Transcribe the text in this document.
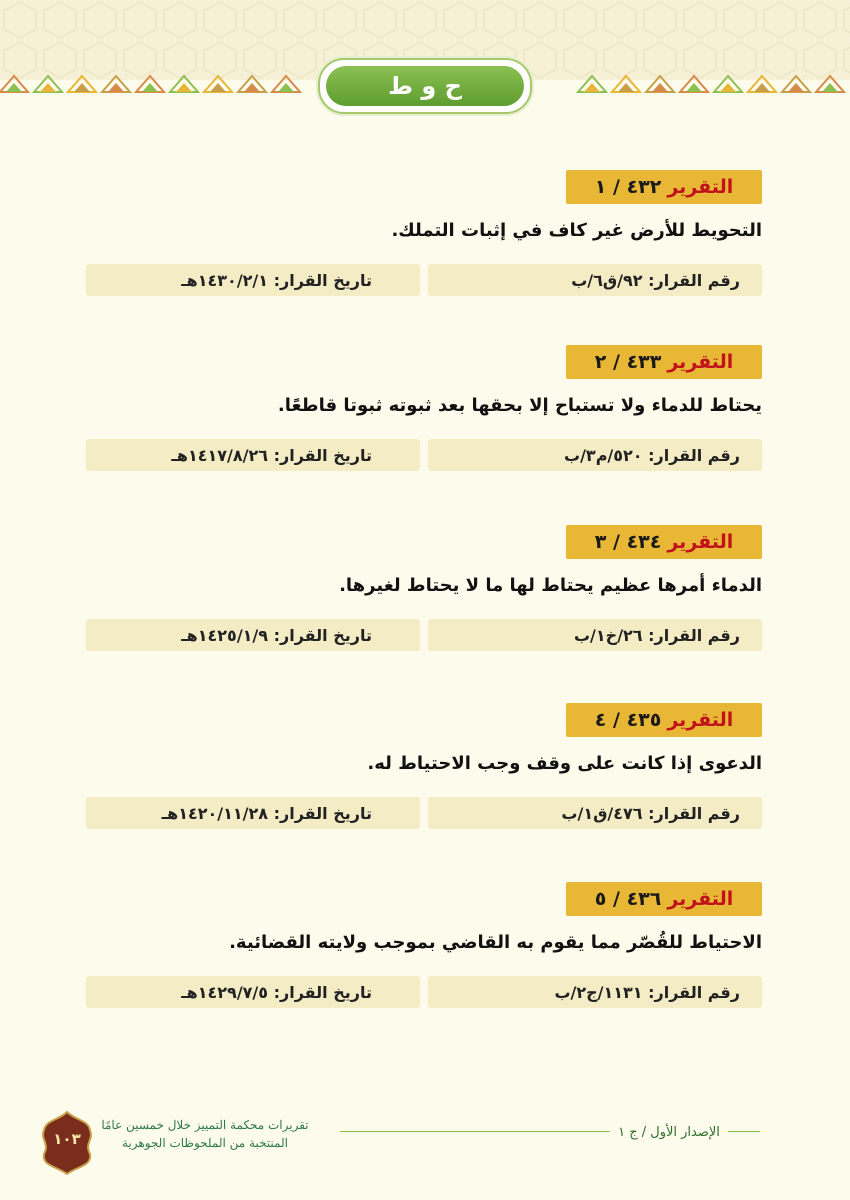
ح و ط
التقرير
٤٣٢ / ١
التحويط للأرض غير كاف في إثبات التملك.
رقم القرار: ٩٢/ق٦/ب
تاريخ القرار: ١٤٣٠/٢/١هـ
التقرير
٤٣٣ / ٢
يحتاط للدماء ولا تستباح إلا بحقها بعد ثبوته ثبوتا قاطعًا.
رقم القرار: ٥٢٠/م٣/ب
تاريخ القرار: ١٤١٧/٨/٢٦هـ
التقرير
٤٣٤ / ٣
الدماء أمرها عظيم يحتاط لها ما لا يحتاط لغيرها.
رقم القرار: ٢٦/خ١/ب
تاريخ القرار: ١٤٢٥/١/٩هـ
التقرير
٤٣٥ / ٤
الدعوى إذا كانت على وقف وجب الاحتياط له.
رقم القرار: ٤٧٦/ق١/ب
تاريخ القرار: ١٤٢٠/١١/٢٨هـ
التقرير
٤٣٦ / ٥
الاحتياط للقُصّر مما يقوم به القاضي بموجب ولايته القضائية.
رقم القرار: ١١٣١/ج٢/ب
تاريخ القرار: ١٤٢٩/٧/٥هـ
الإصدار الأول / ج ١
١٠٣
تقريرات محكمة التمييز خلال خمسين عامًا
المنتخبة من الملحوظات الجوهرية
